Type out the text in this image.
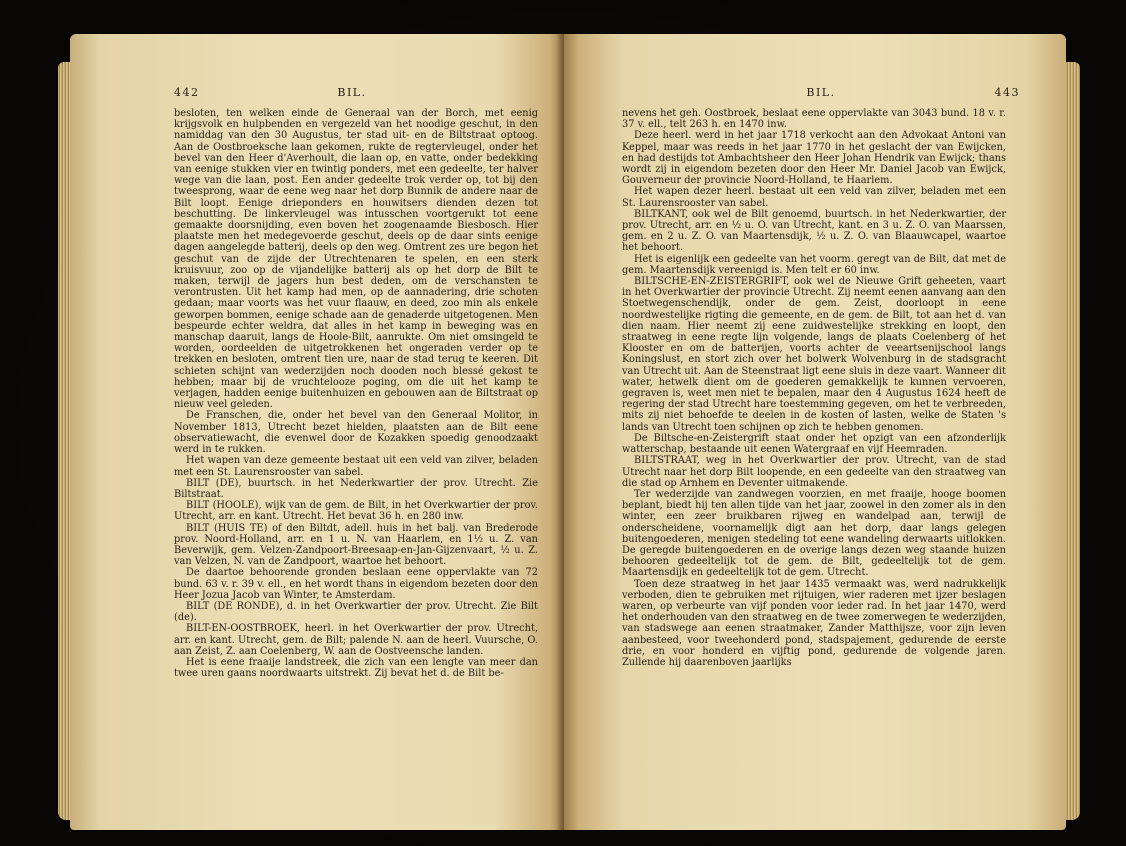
442	BIL.

besloten, ten welken einde de Generaal van der Borch, met eenig krijgsvolk en hulpbenden en vergezeld van het noodige geschut, in den namiddag van den 30 Augustus, ter stad uit- en de Biltstraat optoog. Aan de Oostbroeksche laan gekomen, rukte de regtervleugel, onder het bevel van den Heer d'Averhoult, die laan op, en vatte, onder bedekking van eenige stukken vier en twintig ponders, met een gedeelte, ter halver wege van die laan, post. Een ander gedeelte trok verder op, tot bij den tweesprong, waar de eene weg naar het dorp Bunnik de andere naar de Bilt loopt. Eenige drieponders en houwitsers dienden dezen tot beschutting. De linkervleugel was intusschen voortgerukt tot eene gemaakte doorsnijding, even boven het zoogenaamde Biesbosch. Hier plaatste men het medegevoerde geschut, deels op de daar sints eenige dagen aangelegde batterij, deels op den weg. Omtrent zes ure begon het geschut van de zijde der Utrechtenaren te spelen, en een sterk kruisvuur, zoo op de vijandelijke batterij als op het dorp de Bilt te maken, terwijl de jagers hun best deden, om de verschansten te verontrusten. Uit het kamp had men, op de aannadering, drie schoten gedaan; maar voorts was het vuur flaauw, en deed, zoo min als enkele geworpen bommen, eenige schade aan de genaderde uitgetogenen. Men bespeurde echter weldra, dat alles in het kamp in beweging was en manschap daaruit, langs de Hoole-Bilt, aanrukte. Om niet omsingeld te worden, oordeelden de uitgetrokkenen het ongeraden verder op te trekken en besloten, omtrent tien ure, naar de stad terug te keeren. Dit schieten schijnt van wederzijden noch dooden noch blessé gekost te hebben; maar bij de vruchtelooze poging, om die uit het kamp te verjagen, hadden eenige buitenhuizen en gebouwen aan de Biltstraat op nieuw veel geleden.

De Franschen, die, onder het bevel van den Generaal Molitor, in November 1813, Utrecht bezet hielden, plaatsten aan de Bilt eene observatiewacht, die evenwel door de Kozakken spoedig genoodzaakt werd in te rukken.

Het wapen van deze gemeente bestaat uit een veld van zilver, beladen met een St. Laurensrooster van sabel.

BILT (DE), buurtsch. in het Nederkwartier der prov. Utrecht. Zie Biltstraat.

BILT (HOOLE), wijk van de gem. de Bilt, in het Overkwartier der prov. Utrecht, arr. en kant. Utrecht. Het bevat 36 h. en 280 inw.

BILT (HUIS TE) of den Biltdt, adell. huis in het balj. van Brederode prov. Noord-Holland, arr. en 1 u. N. van Haarlem, en 1½ u. Z. van Beverwijk, gem. Velzen-Zandpoort-Breesaap-en-Jan-Gijzenvaart, ½ u. Z. van Velzen, N. van de Zandpoort, waartoe het behoort.

De daartoe behoorende gronden beslaan eene oppervlakte van 72 bund. 63 v. r. 39 v. ell., en het wordt thans in eigendom bezeten door den Heer Jozua Jacob van Winter, te Amsterdam.

BILT (DE RONDE), d. in het Overkwartier der prov. Utrecht. Zie Bilt (de).

BILT-EN-OOSTBROEK, heerl. in het Overkwartier der prov. Utrecht, arr. en kant. Utrecht, gem. de Bilt; palende N. aan de heerl. Vuursche, O. aan Zeist, Z. aan Coelenberg, W. aan de Oostveensche landen.

Het is eene fraaije landstreek, die zich van een lengte van meer dan twee uren gaans noordwaarts uitstrekt. Zij bevat het d. de Bilt be-

BIL.	443

nevens het geh. Oostbroek, beslaat eene oppervlakte van 3043 bund. 18 v. r. 37 v. ell., telt 263 h. en 1470 inw.

Deze heerl. werd in het jaar 1718 verkocht aan den Advokaat Antoni van Keppel, maar was reeds in het jaar 1770 in het geslacht der van Ewijcken, en had destijds tot Ambachtsheer den Heer Johan Hendrik van Ewijck; thans wordt zij in eigendom bezeten door den Heer Mr. Daniel Jacob van Ewijck, Gouverneur der provincie Noord-Holland, te Haarlem.

Het wapen dezer heerl. bestaat uit een veld van zilver, beladen met een St. Laurensrooster van sabel.

BILTKANT, ook wel de Bilt genoemd, buurtsch. in het Nederkwartier, der prov. Utrecht, arr. en ½ u. O. van Utrecht, kant. en 3 u. Z. O. van Maarssen, gem. en 2 u. Z. O. van Maartensdijk, ½ u. Z. O. van Blaauwcapel, waartoe het behoort.

Het is eigenlijk een gedeelte van het voorm. geregt van de Bilt, dat met de gem. Maartensdijk vereenigd is. Men telt er 60 inw.

BILTSCHE-EN-ZEISTERGRIFT, ook wel de Nieuwe Grift geheeten, vaart in het Overkwartier der provincie Utrecht. Zij neemt eenen aanvang aan den Stoetwegenschendijk, onder de gem. Zeist, doorloopt in eene noordwestelijke rigting die gemeente, en de gem. de Bilt, tot aan het d. van dien naam. Hier neemt zij eene zuidwestelijke strekking en loopt, den straatweg in eene regte lijn volgende, langs de plaats Coelenberg of het Klooster en om de batterijen, voorts achter de veeartsenijschool langs Koningslust, en stort zich over het bolwerk Wolvenburg in de stadsgracht van Utrecht uit. Aan de Steenstraat ligt eene sluis in deze vaart. Wanneer dit water, hetwelk dient om de goederen gemakkelijk te kunnen vervoeren, gegraven is, weet men niet te bepalen, maar den 4 Augustus 1624 heeft de regering der stad Utrecht hare toestemming gegeven, om het te verbreeden, mits zij niet behoefde te deelen in de kosten of lasten, welke de Staten 's lands van Utrecht toen schijnen op zich te hebben genomen.

De Biltsche-en-Zeistergrift staat onder het opzigt van een afzonderlijk watterschap, bestaande uit eenen Watergraaf en vijf Heemraden.

BILTSTRAAT, weg in het Overkwartier der prov. Utrecht, van de stad Utrecht naar het dorp Bilt loopende, en een gedeelte van den straatweg van die stad op Arnhem en Deventer uitmakende.

Ter wederzijde van zandwegen voorzien, en met fraaije, hooge boomen beplant, biedt hij ten allen tijde van het jaar, zoowel in den zomer als in den winter, een zeer bruikbaren rijweg en wandelpad aan, terwijl de onderscheidene, voornamelijk digt aan het dorp, daar langs gelegen buitengoederen, menigen stedeling tot eene wandeling derwaarts uitlokken. De geregde buitengoederen en de overige langs dezen weg staande huizen behooren gedeeltelijk tot de gem. de Bilt, gedeeltelijk tot de gem. Maartensdijk en gedeeltelijk tot de gem. Utrecht.

Toen deze straatweg in het jaar 1435 vermaakt was, werd nadrukkelijk verboden, dien te gebruiken met rijtuigen, wier raderen met ijzer beslagen waren, op verbeurte van vijf ponden voor ieder rad. In het jaar 1470, werd het onderhouden van den straatweg en de twee zomerwegen te wederzijden, van stadswege aan eenen straatmaker, Zander Matthijsze, voor zijn leven aanbesteed, voor tweehonderd pond, stadspajement, gedurende de eerste drie, en voor honderd en vijftig pond, gedurende de volgende jaren. Zullende hij daarenboven jaarlijks
